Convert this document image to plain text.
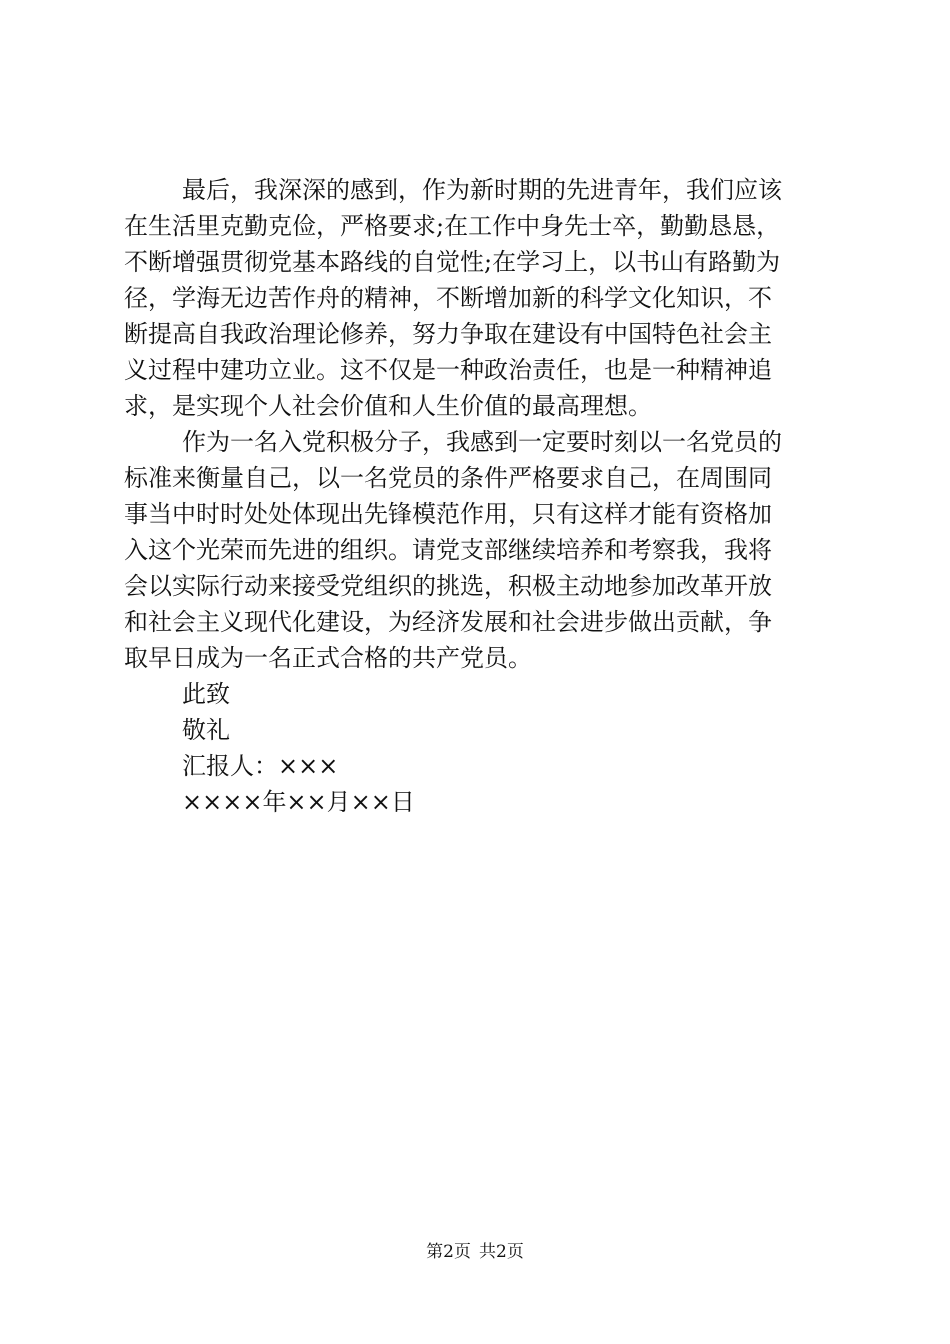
最后，我深深的感到，作为新时期的先进青年，我们应该
在生活里克勤克俭，严格要求;在工作中身先士卒，勤勤恳恳，
不断增强贯彻党基本路线的自觉性;在学习上，以书山有路勤为
径，学海无边苦作舟的精神，不断增加新的科学文化知识，不
断提高自我政治理论修养，努力争取在建设有中国特色社会主
义过程中建功立业。这不仅是一种政治责任，也是一种精神追
求，是实现个人社会价值和人生价值的最高理想。
作为一名入党积极分子，我感到一定要时刻以一名党员的
标准来衡量自己，以一名党员的条件严格要求自己，在周围同
事当中时时处处体现出先锋模范作用，只有这样才能有资格加
入这个光荣而先进的组织。请党支部继续培养和考察我，我将
会以实际行动来接受党组织的挑选，积极主动地参加改革开放
和社会主义现代化建设，为经济发展和社会进步做出贡献，争
取早日成为一名正式合格的共产党员。
此致
敬礼
汇报人：×××
××××年××月××日
第2页 共2页
